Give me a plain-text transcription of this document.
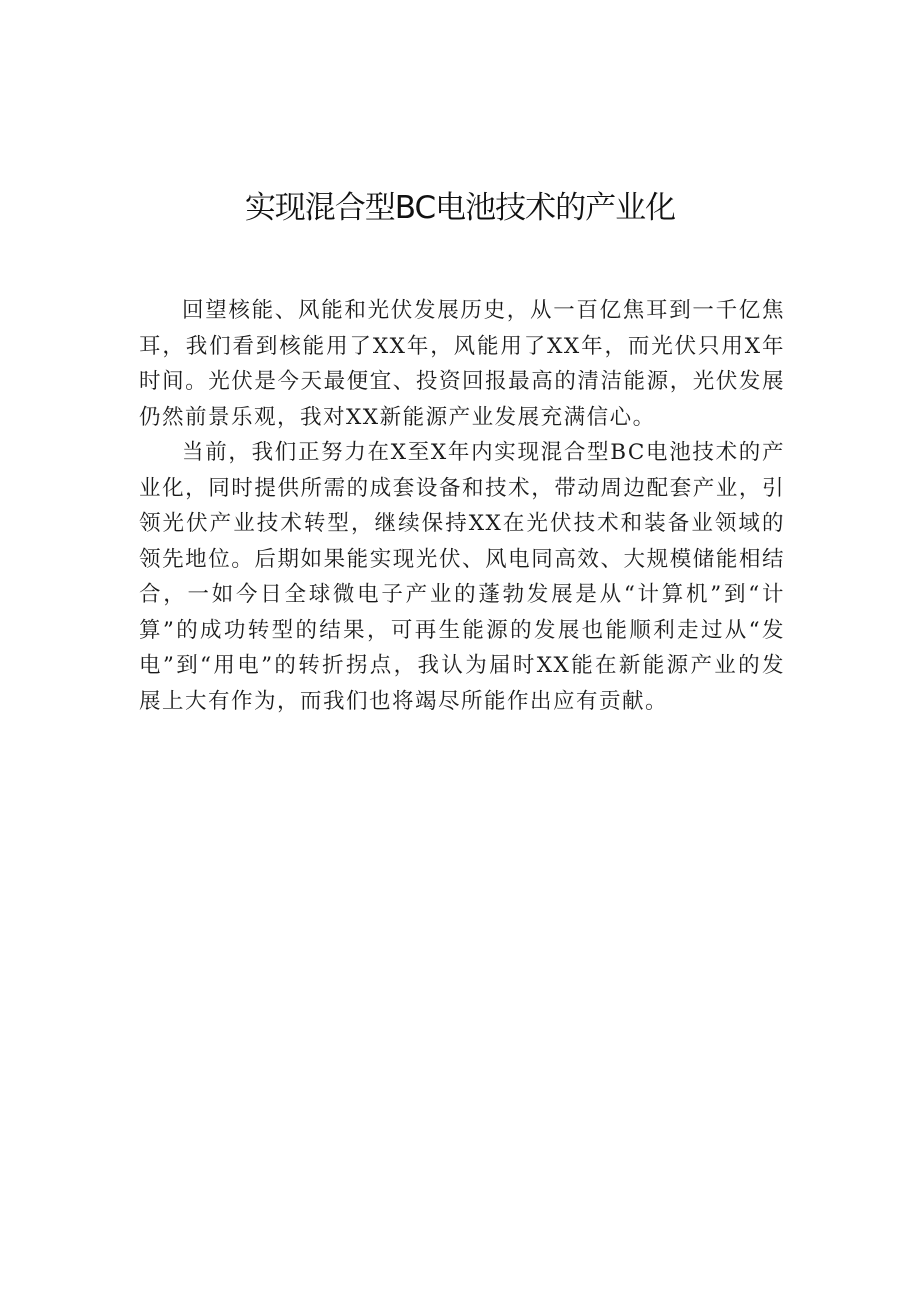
实现混合型BC电池技术的产业化

回望核能、风能和光伏发展历史，从一百亿焦耳到一千亿焦耳，我们看到核能用了XX年，风能用了XX年，而光伏只用X年时间。光伏是今天最便宜、投资回报最高的清洁能源，光伏发展仍然前景乐观，我对XX新能源产业发展充满信心。

当前，我们正努力在X至X年内实现混合型BC电池技术的产业化，同时提供所需的成套设备和技术，带动周边配套产业，引领光伏产业技术转型，继续保持XX在光伏技术和装备业领域的领先地位。后期如果能实现光伏、风电同高效、大规模储能相结合，一如今日全球微电子产业的蓬勃发展是从“计算机”到“计算”的成功转型的结果，可再生能源的发展也能顺利走过从“发电”到“用电”的转折拐点，我认为届时XX能在新能源产业的发展上大有作为，而我们也将竭尽所能作出应有贡献。
